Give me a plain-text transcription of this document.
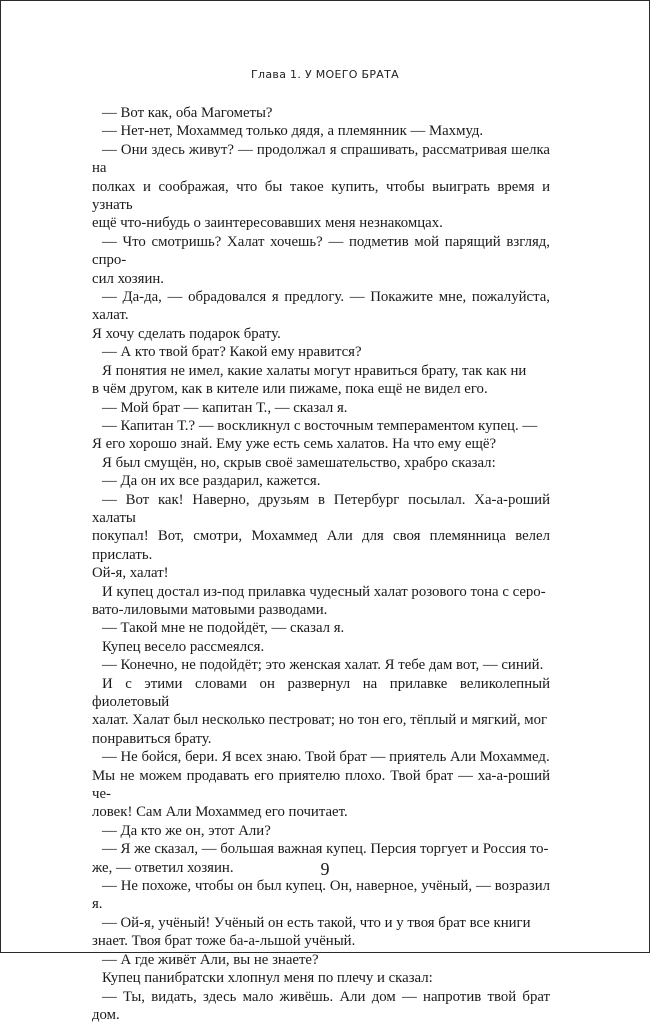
Глава 1. У МОЕГО БРАТА

— Вот как, оба Магометы?

— Нет-нет, Мохаммед только дядя, а племянник — Махмуд.

— Они здесь живут? — продолжал я спрашивать, рассматривая шелка на
полках и соображая, что бы такое купить, чтобы выиграть время и узнать
ещё что-нибудь о заинтересовавших меня незнакомцах.

— Что смотришь? Халат хочешь? — подметив мой парящий взгляд, спро-
сил хозяин.

— Да-да, — обрадовался я предлогу. — Покажите мне, пожалуйста, халат.
Я хочу сделать подарок брату.

— А кто твой брат? Какой ему нравится?

Я понятия не имел, какие халаты могут нравиться брату, так как ни
в чём другом, как в кителе или пижаме, пока ещё не видел его.

— Мой брат — капитан Т., — сказал я.

— Капитан Т.? — воскликнул с восточным темпераментом купец. —
Я его хорошо знай. Ему уже есть семь халатов. На что ему ещё?

Я был смущён, но, скрыв своё замешательство, храбро сказал:

— Да он их все раздарил, кажется.

— Вот как! Наверно, друзьям в Петербург посылал. Ха-а-роший халаты
покупал! Вот, смотри, Мохаммед Али для своя племянница велел прислать.
Ой-я, халат!

И купец достал из-под прилавка чудесный халат розового тона с серо-
вато-лиловыми матовыми разводами.

— Такой мне не подойдёт, — сказал я.

Купец весело рассмеялся.

— Конечно, не подойдёт; это женская халат. Я тебе дам вот, — синий.

И с этими словами он развернул на прилавке великолепный фиолетовый
халат. Халат был несколько пестроват; но тон его, тёплый и мягкий, мог
понравиться брату.

— Не бойся, бери. Я всех знаю. Твой брат — приятель Али Мохаммед.
Мы не можем продавать его приятелю плохо. Твой брат — ха-а-роший че-
ловек! Сам Али Мохаммед его почитает.

— Да кто же он, этот Али?

— Я же сказал, — большая важная купец. Персия торгует и Россия то-
же, — ответил хозяин.

— Не похоже, чтобы он был купец. Он, наверное, учёный, — возразил я.

— Ой-я, учёный! Учёный он есть такой, что и у твоя брат все книги
знает. Твоя брат тоже ба-а-льшой учёный.

— А где живёт Али, вы не знаете?

Купец панибратски хлопнул меня по плечу и сказал:

— Ты, видать, здесь мало живёшь. Али дом — напротив твой брат дом.

9
